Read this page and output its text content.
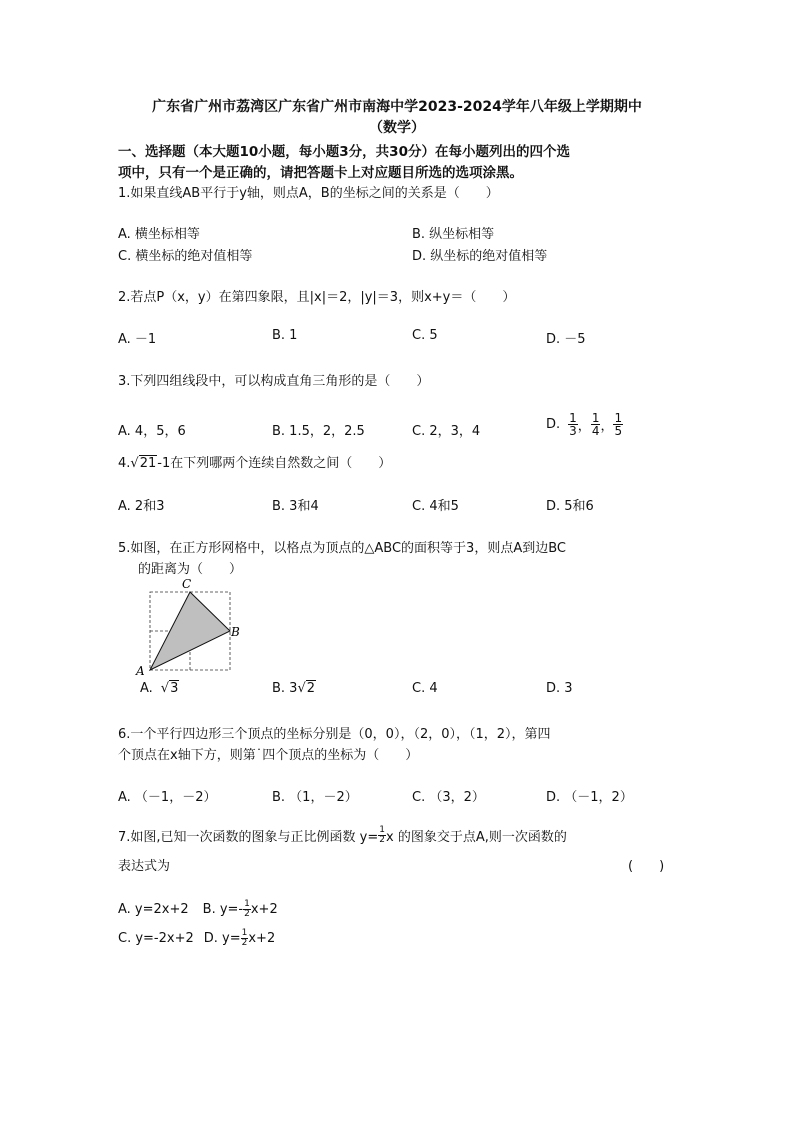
广东省广州市荔湾区广东省广州市南海中学2023-2024学年八年级上学期期中
（数学）
一、选择题（本大题10小题，每小题3分，共30分）在每小题列出的四个选
项中，只有一个是正确的，请把答题卡上对应题目所选的选项涂黑。
1.如果直线AB平行于y轴，则点A，B的坐标之间的关系是（　　）
A. 横坐标相等	B. 纵坐标相等
C. 横坐标的绝对值相等	D. 纵坐标的绝对值相等
2.若点P（x，y）在第四象限，且|x|＝2，|y|＝3，则x+y＝（　　）
A. －1	B. 1	C. 5	D. －5
3.下列四组线段中，可以构成直角三角形的是（　　）
A. 4，5，6	B. 1.5，2，2.5	C. 2，3，4	D. $\frac{1}{3}$ ， $\frac{1}{4}$ ， $\frac{1}{5}$
4. √21 -1在下列哪两个连续自然数之间（　　）
A. 2和3	B. 3和4	C. 4和5	D. 5和6
5.如图，在正方形网格中，以格点为顶点的△ABC的面积等于3，则点A到边BC
的距离为（　　）
C
B
A
A. √3	B. 3 √2	C. 4	D. 3
6.一个平行四边形三个顶点的坐标分别是（0，0），（2，0），（1，2），第四
个顶点在x轴下方，则第˙四个顶点的坐标为（　　）
A. （－1，－2）	B. （1，－2）	C. （3，2）	D. （－1，2）
7.如图,已知一次函数的图象与正比例函数 $y= \frac{1}{2}$ x 的图象交于点A,则一次函数的
表达式为	(　　)
A. y=2x+2 B. $y=- \frac{1}{2} x+2$
C. y=-2x+2 D. $y= \frac{1}{2} x+2$
